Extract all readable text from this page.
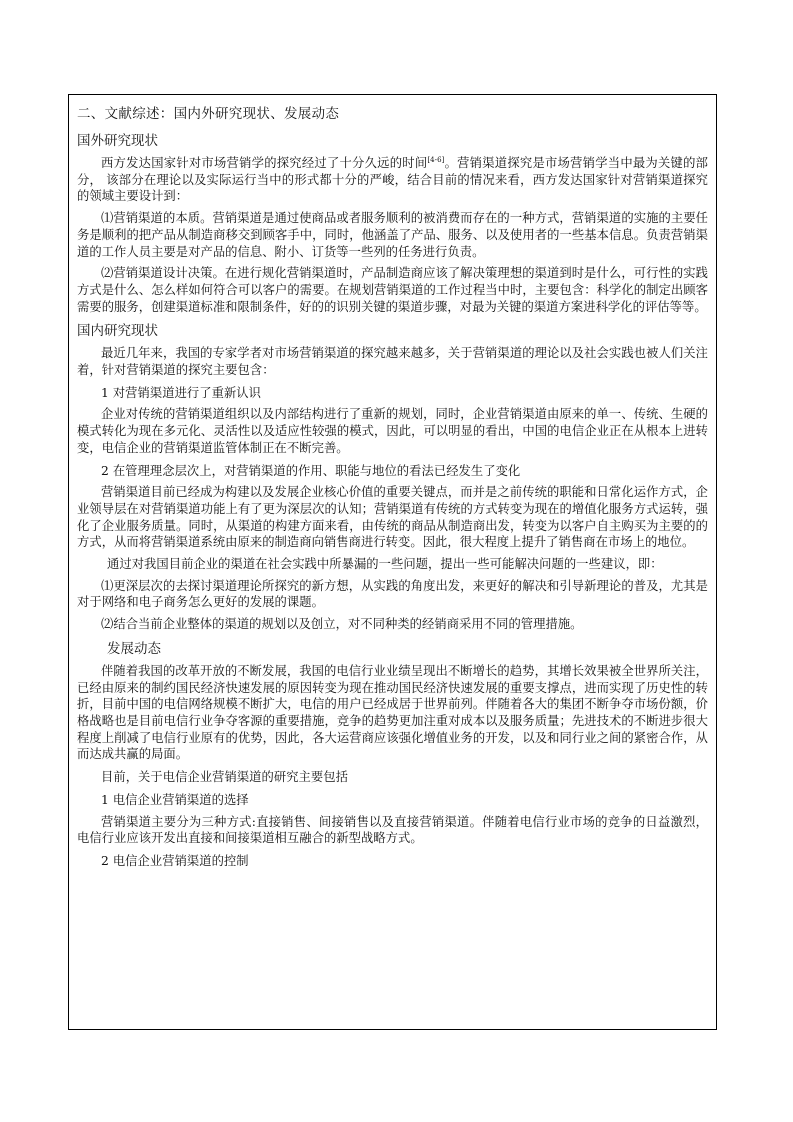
二、文献综述：国内外研究现状、发展动态
国外研究现状

西方发达国家针对市场营销学的探究经过了十分久远的时间[4-6]。营销渠道探究是市场营销学当中最为关键的部分， 该部分在理论以及实际运行当中的形式都十分的严峻，结合目前的情况来看，西方发达国家针对营销渠道探究的领域主要设计到：

⑴营销渠道的本质。营销渠道是通过使商品或者服务顺利的被消费而存在的一种方式，营销渠道的实施的主要任务是顺利的把产品从制造商移交到顾客手中，同时，他涵盖了产品、服务、以及使用者的一些基本信息。负责营销渠道的工作人员主要是对产品的信息、附小、订货等一些列的任务进行负责。

⑵营销渠道设计决策。在进行规化营销渠道时，产品制造商应该了解决策理想的渠道到时是什么，可行性的实践方式是什么、怎么样如何符合可以客户的需要。在规划营销渠道的工作过程当中时，主要包含：科学化的制定出顾客需要的服务，创建渠道标准和限制条件，好的的识别关键的渠道步骤，对最为关键的渠道方案进科学化的评估等等。

国内研究现状

最近几年来，我国的专家学者对市场营销渠道的探究越来越多，关于营销渠道的理论以及社会实践也被人们关注着，针对营销渠道的探究主要包含：

1 对营销渠道进行了重新认识

企业对传统的营销渠道组织以及内部结构进行了重新的规划，同时，企业营销渠道由原来的单一、传统、生硬的模式转化为现在多元化、灵活性以及适应性较强的模式，因此，可以明显的看出，中国的电信企业正在从根本上进转变，电信企业的营销渠道监管体制正在不断完善。

2 在管理理念层次上，对营销渠道的作用、职能与地位的看法已经发生了变化

营销渠道目前已经成为构建以及发展企业核心价值的重要关键点，而并是之前传统的职能和日常化运作方式，企业领导层在对营销渠道功能上有了更为深层次的认知；营销渠道有传统的方式转变为现在的增值化服务方式运转，强化了企业服务质量。同时，从渠道的构建方面来看，由传统的商品从制造商出发，转变为以客户自主购买为主要的的方式，从而将营销渠道系统由原来的制造商向销售商进行转变。因此，很大程度上提升了销售商在市场上的地位。

通过对我国目前企业的渠道在社会实践中所暴漏的一些问题，提出一些可能解决问题的一些建议，即：

⑴更深层次的去探讨渠道理论所探究的新方想，从实践的角度出发，来更好的解决和引导新理论的普及，尤其是对于网络和电子商务怎么更好的发展的课题。

⑵结合当前企业整体的渠道的规划以及创立，对不同种类的经销商采用不同的管理措施。

发展动态

伴随着我国的改革开放的不断发展，我国的电信行业业绩呈现出不断增长的趋势，其增长效果被全世界所关注，已经由原来的制约国民经济快速发展的原因转变为现在推动国民经济快速发展的重要支撑点，进而实现了历史性的转折，目前中国的电信网络规模不断扩大，电信的用户已经成居于世界前列。伴随着各大的集团不断争夺市场份额，价格战略也是目前电信行业争夺客源的重要措施，竞争的趋势更加注重对成本以及服务质量；先进技术的不断进步很大程度上削减了电信行业原有的优势，因此，各大运营商应该强化增值业务的开发，以及和同行业之间的紧密合作，从而达成共赢的局面。

目前，关于电信企业营销渠道的研究主要包括

1 电信企业营销渠道的选择

营销渠道主要分为三种方式:直接销售、间接销售以及直接营销渠道。伴随着电信行业市场的竞争的日益激烈，电信行业应该开发出直接和间接渠道相互融合的新型战略方式。

2 电信企业营销渠道的控制
